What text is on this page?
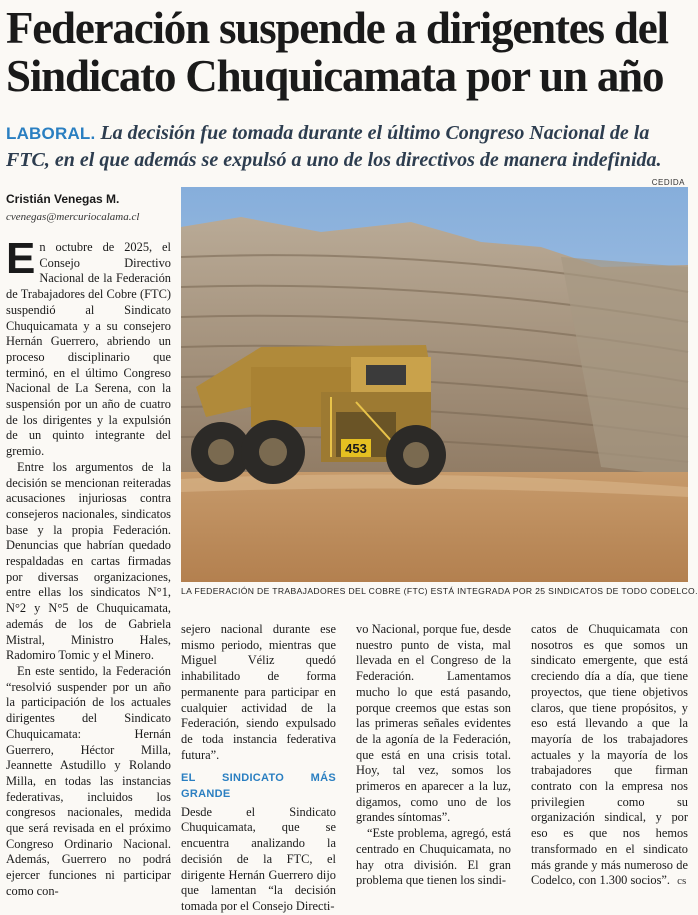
Federación suspende a dirigentes del
Sindicato Chuquicamata por un año
LABORAL. La decisión fue tomada durante el último Congreso Nacional de la FTC, en el que además se expulsó a uno de los directivos de manera indefinida.
CEDIDA
Cristián Venegas M.
cvenegas@mercuriocalama.cl
453
LA FEDERACIÓN DE TRABAJADORES DEL COBRE (FTC) ESTÁ INTEGRADA POR 25 SINDICATOS DE TODO CODELCO.

En octubre de 2025, el Consejo Directivo Nacional de la Federación de Trabajadores del Cobre (FTC) suspendió al Sindicato Chuquicamata y a su consejero Hernán Guerrero, abriendo un proceso disciplinario que terminó, en el último Congreso Nacional de La Serena, con la suspensión por un año de cuatro de los dirigentes y la expulsión de un quinto integrante del gremio.

Entre los argumentos de la decisión se mencionan reiteradas acusaciones injuriosas contra consejeros nacionales, sindicatos base y la propia Federación. Denuncias que habrían quedado respaldadas en cartas firmadas por diversas organizaciones, entre ellas los sindicatos N°1, N°2 y N°5 de Chuquicamata, además de los de Gabriela Mistral, Ministro Hales, Radomiro Tomic y el Minero.

En este sentido, la Federación “resolvió suspender por un año la participación de los actuales dirigentes del Sindicato Chuquicamata: Hernán Guerrero, Héctor Milla, Jeannette Astudillo y Rolando Milla, en todas las instancias federativas, incluidos los congresos nacionales, medida que será revisada en el próximo Congreso Ordinario Nacional. Además, Guerrero no podrá ejercer funciones ni participar como con-

sejero nacional durante ese mismo periodo, mientras que Miguel Véliz quedó inhabilitado de forma permanente para participar en cualquier actividad de la Federación, siendo expulsado de toda instancia federativa futura”.

EL SINDICATO MÁS GRANDE

Desde el Sindicato Chuquicamata, que se encuentra analizando la decisión de la FTC, el dirigente Hernán Guerrero dijo que lamentan “la decisión tomada por el Consejo Directi-

vo Nacional, porque fue, desde nuestro punto de vista, mal llevada en el Congreso de la Federación. Lamentamos mucho lo que está pasando, porque creemos que estas son las primeras señales evidentes de la agonía de la Federación, que está en una crisis total. Hoy, tal vez, somos los primeros en aparecer a la luz, digamos, como uno de los grandes síntomas”.

“Este problema, agregó, está centrado en Chuquicamata, no hay otra división. El gran problema que tienen los sindi-

catos de Chuquicamata con nosotros es que somos un sindicato emergente, que está creciendo día a día, que tiene proyectos, que tiene objetivos claros, que tiene propósitos, y eso está llevando a que la mayoría de los trabajadores actuales y la mayoría de los trabajadores que firman contrato con la empresa nos privilegien como su organización sindical, y por eso es que nos hemos transformado en el sindicato más grande y más numeroso de Codelco, con 1.300 socios”. cs
